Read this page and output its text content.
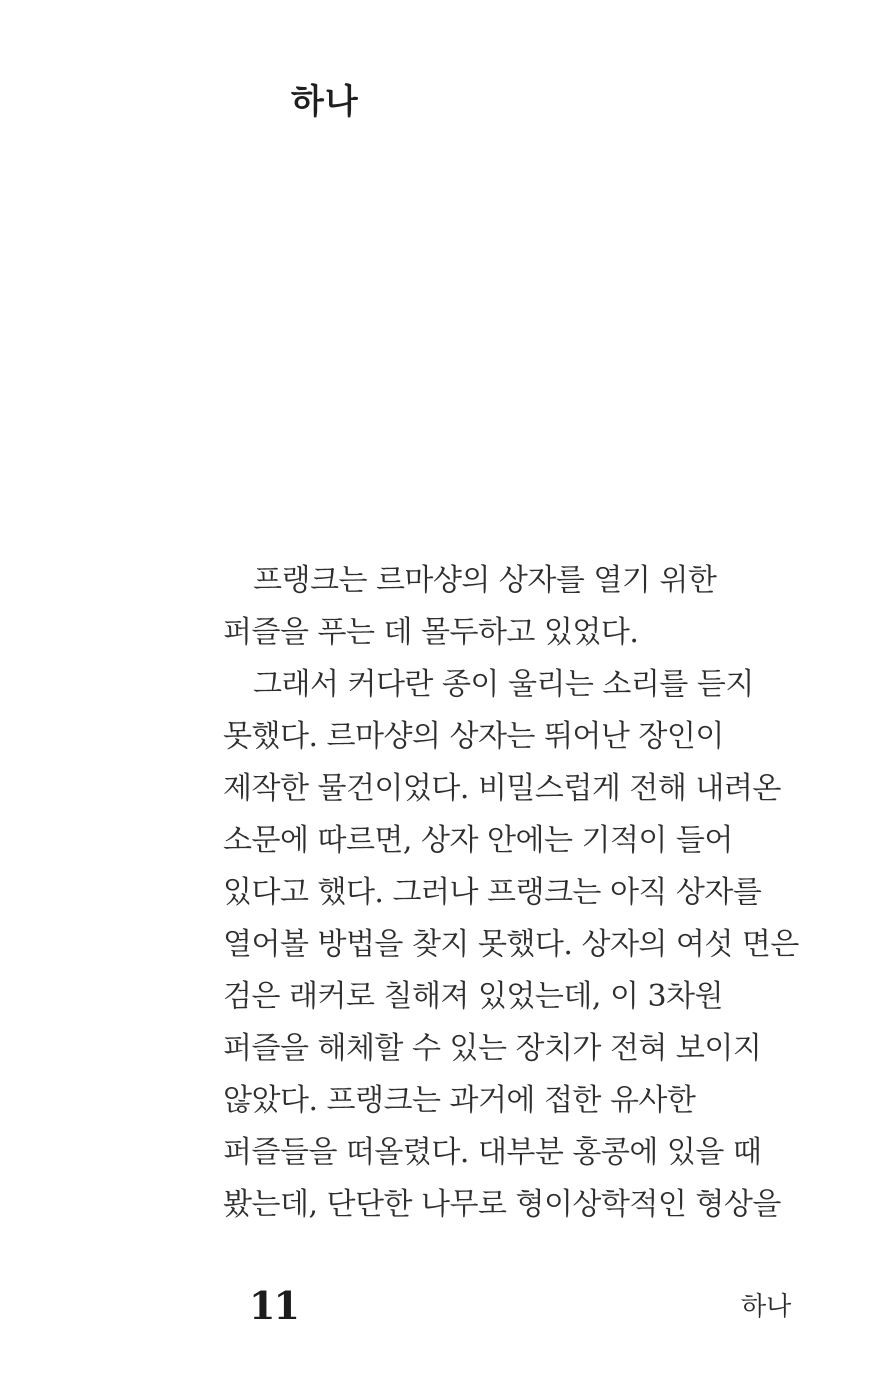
하나

프랭크는 르마샹의 상자를 열기 위한
퍼즐을 푸는 데 몰두하고 있었다.

그래서 커다란 종이 울리는 소리를 듣지
못했다. 르마샹의 상자는 뛰어난 장인이
제작한 물건이었다. 비밀스럽게 전해 내려온
소문에 따르면, 상자 안에는 기적이 들어
있다고 했다. 그러나 프랭크는 아직 상자를
열어볼 방법을 찾지 못했다. 상자의 여섯 면은
검은 래커로 칠해져 있었는데, 이 3차원
퍼즐을 해체할 수 있는 장치가 전혀 보이지
않았다. 프랭크는 과거에 접한 유사한
퍼즐들을 떠올렸다. 대부분 홍콩에 있을 때
봤는데, 단단한 나무로 형이상학적인 형상을

11	하나
